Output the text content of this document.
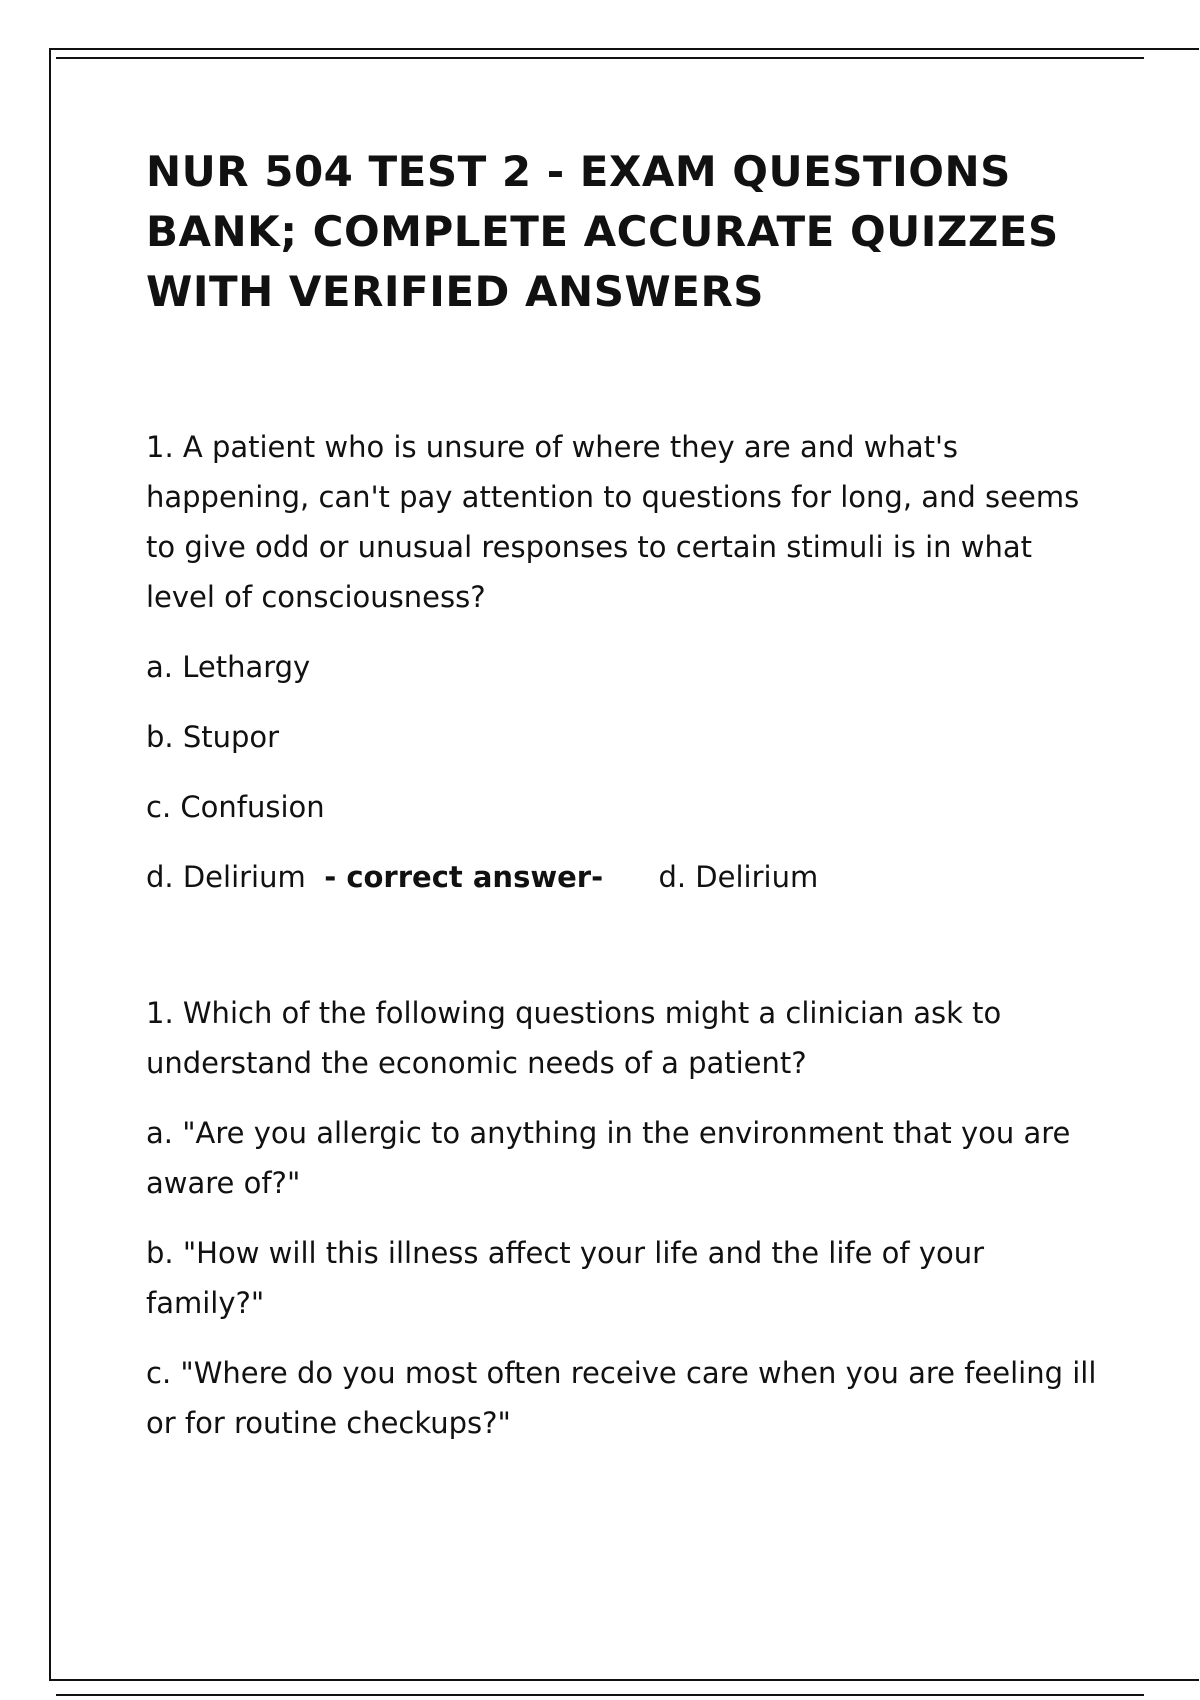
NUR 504 TEST 2 - EXAM QUESTIONS BANK; COMPLETE ACCURATE QUIZZES WITH VERIFIED ANSWERS

1. A patient who is unsure of where they are and what's happening, can't pay attention to questions for long, and seems to give odd or unusual responses to certain stimuli is in what level of consciousness?

a. Lethargy

b. Stupor

c. Confusion

d. Delirium - correct answer- d. Delirium

1. Which of the following questions might a clinician ask to understand the economic needs of a patient?

a. "Are you allergic to anything in the environment that you are aware of?"

b. "How will this illness affect your life and the life of your family?"

c. "Where do you most often receive care when you are feeling ill or for routine checkups?"
